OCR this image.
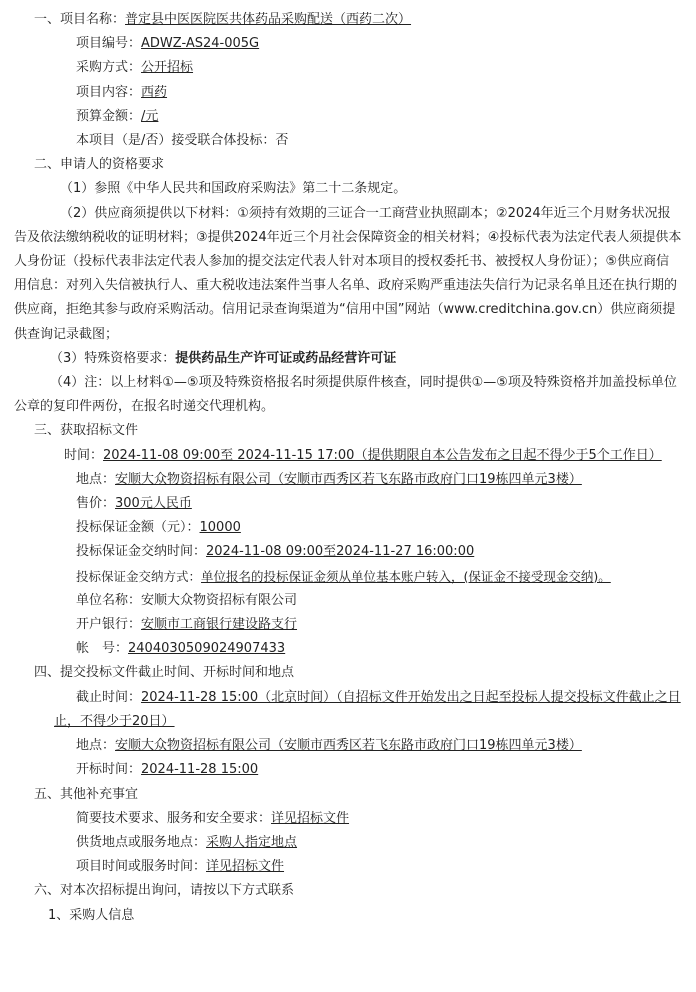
一、项目名称：普定县中医医院医共体药品采购配送（西药二次）
项目编号：ADWZ-AS24-005G
采购方式：公开招标
项目内容：西药
预算金额：/元
本项目（是/否）接受联合体投标：否
二、申请人的资格要求
（1）参照《中华人民共和国政府采购法》第二十二条规定。
（2）供应商须提供以下材料：①须持有效期的三证合一工商营业执照副本；②2024年近三个月财务状况报告及依法缴纳税收的证明材料；③提供2024年近三个月社会保障资金的相关材料；④投标代表为法定代表人须提供本人身份证（投标代表非法定代表人参加的提交法定代表人针对本项目的授权委托书、被授权人身份证）；⑤供应商信用信息：对列入失信被执行人、重大税收违法案件当事人名单、政府采购严重违法失信行为记录名单且还在执行期的供应商，拒绝其参与政府采购活动。信用记录查询渠道为“信用中国”网站（www.creditchina.gov.cn）供应商须提供查询记录截图；
（3）特殊资格要求：提供药品生产许可证或药品经营许可证
（4）注：以上材料①—⑤项及特殊资格报名时须提供原件核查，同时提供①—⑤项及特殊资格并加盖投标单位公章的复印件两份，在报名时递交代理机构。
三、获取招标文件
时间：2024-11-08 09:00至 2024-11-15 17:00（提供期限自本公告发布之日起不得少于5个工作日）
地点：安顺大众物资招标有限公司（安顺市西秀区若飞东路市政府门口19栋四单元3楼）
售价：300元人民币
投标保证金额（元）：10000
投标保证金交纳时间：2024-11-08 09:00至2024-11-27 16:00:00
投标保证金交纳方式：单位报名的投标保证金须从单位基本账户转入，(保证金不接受现金交纳)。
单位名称：安顺大众物资招标有限公司
开户银行：安顺市工商银行建设路支行
帐　号：2404030509024907433
四、提交投标文件截止时间、开标时间和地点
截止时间：2024-11-28 15:00（北京时间）（自招标文件开始发出之日起至投标人提交投标文件截止之日止，不得少于20日）
地点：安顺大众物资招标有限公司（安顺市西秀区若飞东路市政府门口19栋四单元3楼）
开标时间：2024-11-28 15:00
五、其他补充事宜
简要技术要求、服务和安全要求：详见招标文件
供货地点或服务地点：采购人指定地点
项目时间或服务时间：详见招标文件
六、对本次招标提出询问，请按以下方式联系
1、采购人信息
